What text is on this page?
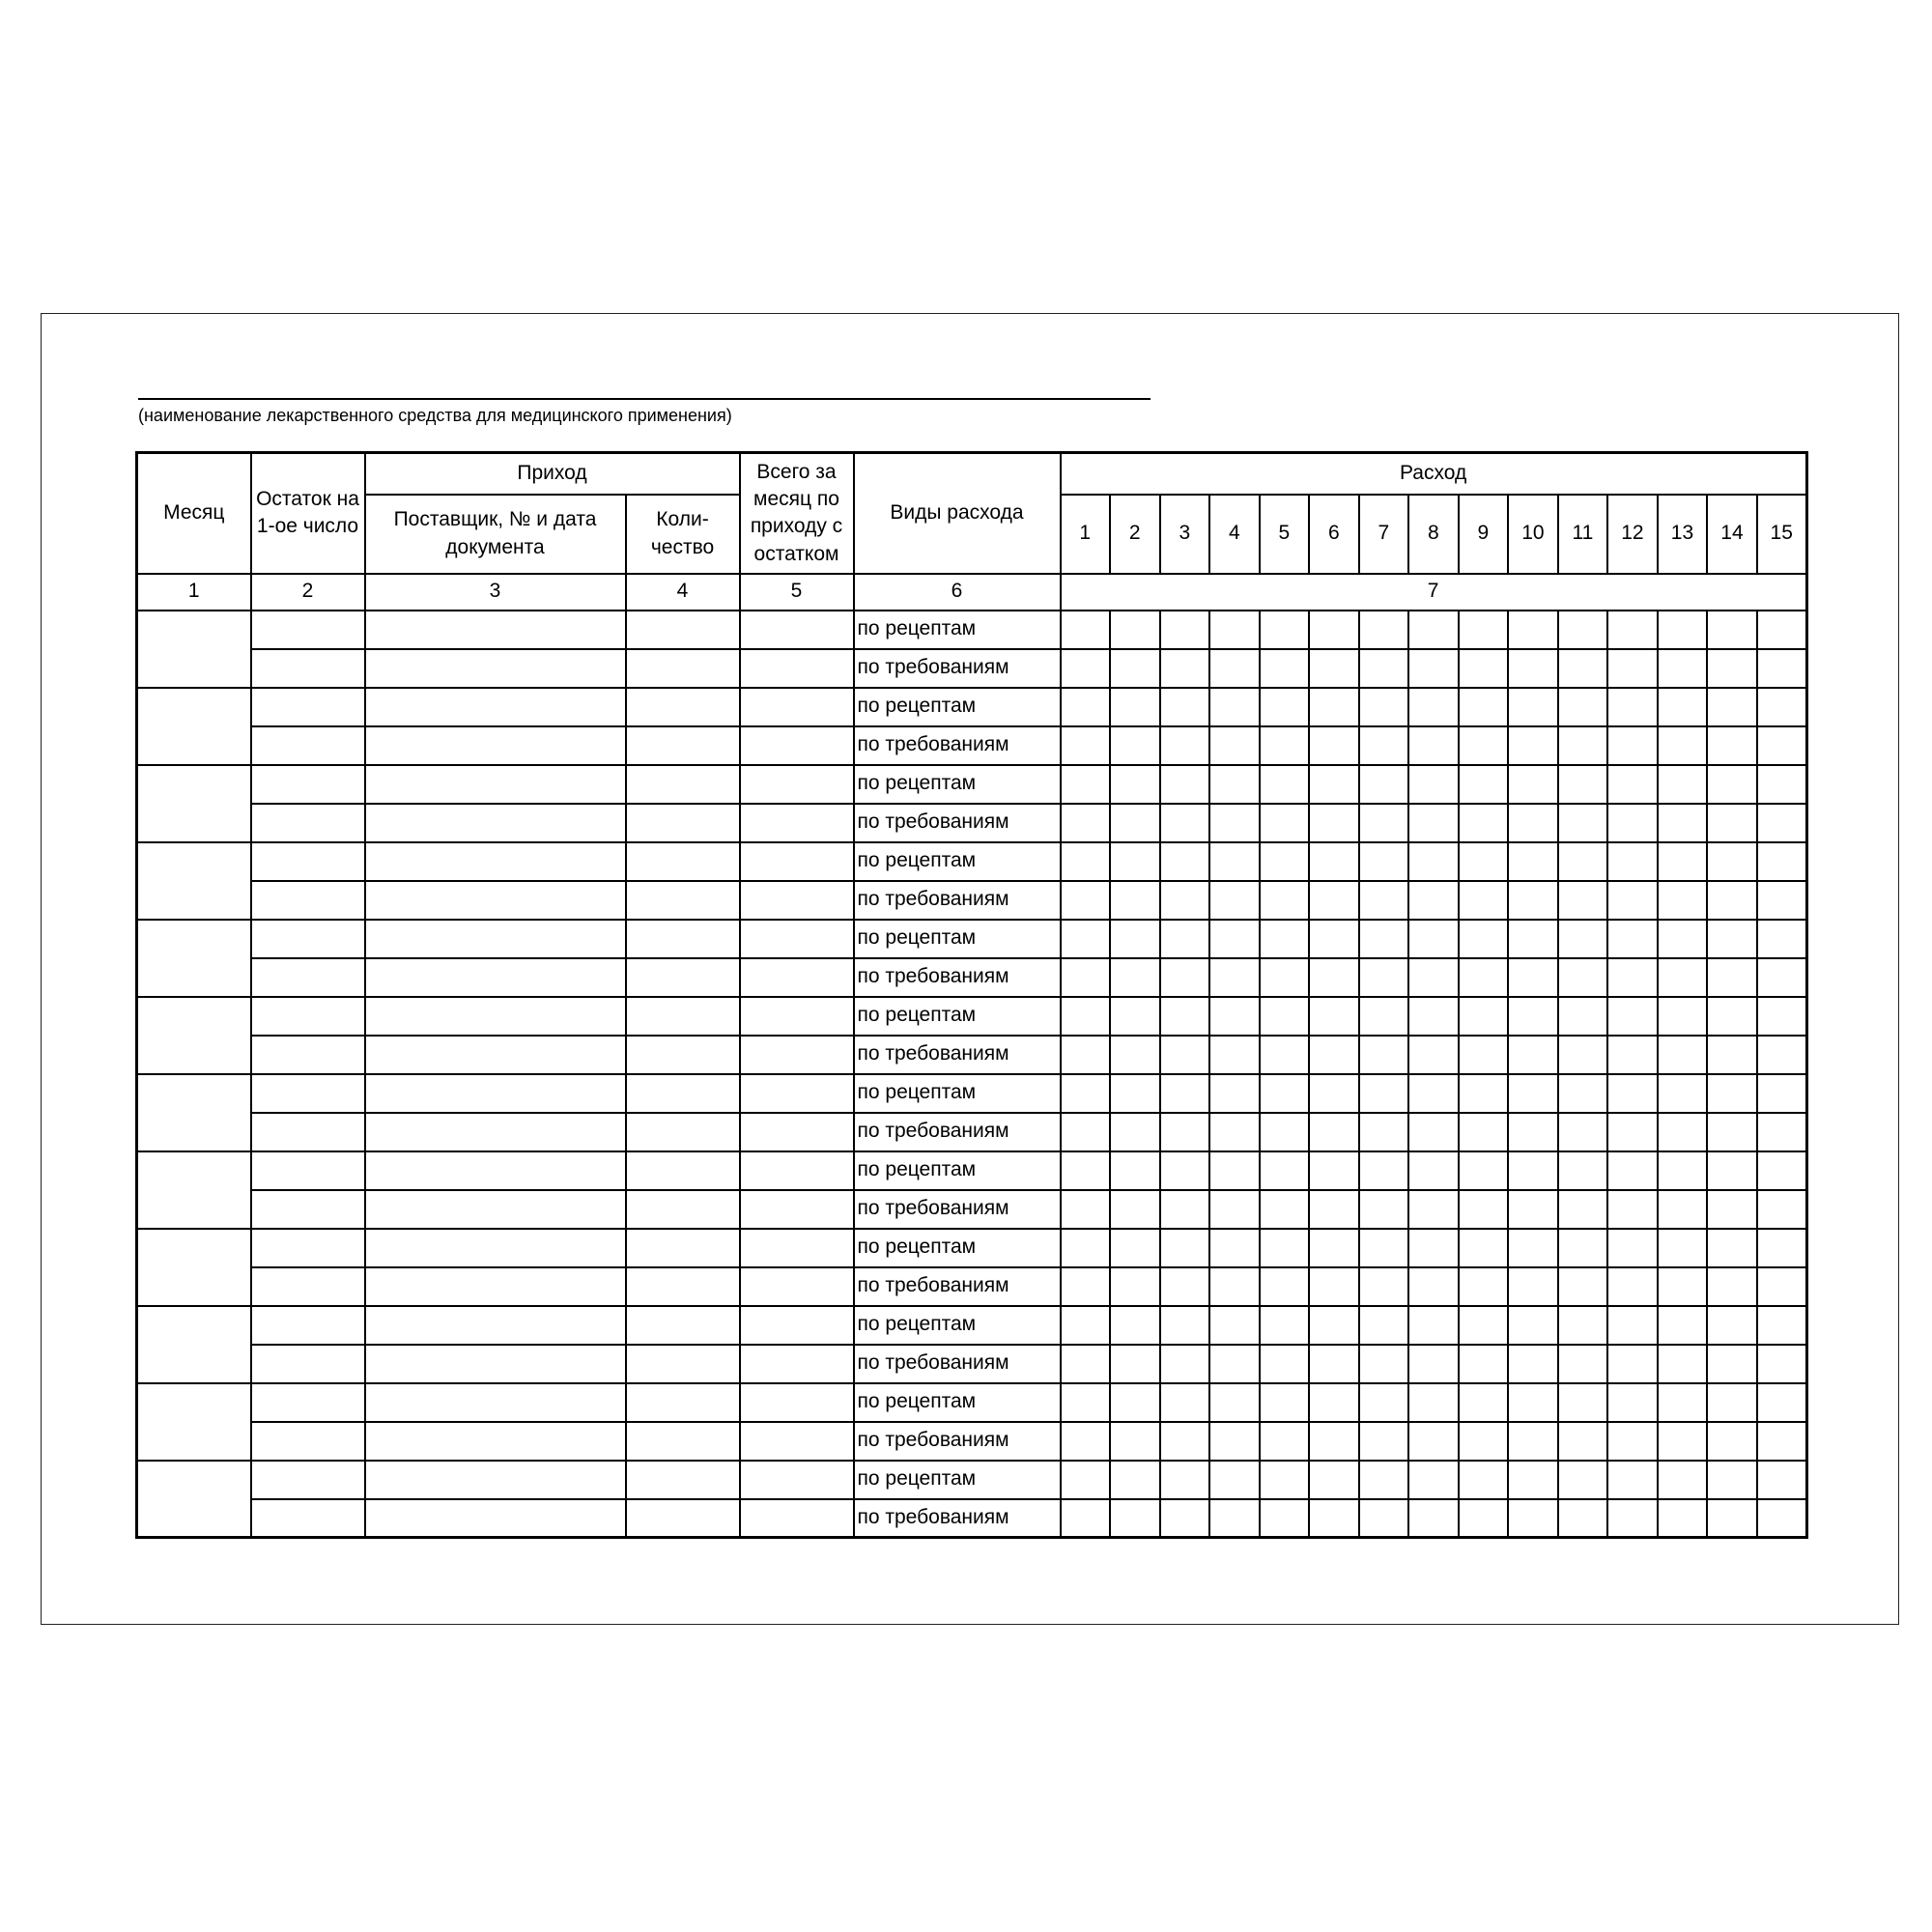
(наименование лекарственного средства для медицинского применения)
Месяц	Остаток на 1-ое число	Приход		Всего за месяц по приходу с остатком	Виды расхода	Расход														
		Поставщик, № и дата документа	Коли-чество			1	2	3	4	5	6	7	8	9	10	11	12	13	14	15
1	2	3	4	5	6	7														
					по рецептам															
					по требованиям															
					по рецептам															
					по требованиям															
					по рецептам															
					по требованиям															
					по рецептам															
					по требованиям															
					по рецептам															
					по требованиям															
					по рецептам															
					по требованиям															
					по рецептам															
					по требованиям															
					по рецептам															
					по требованиям															
					по рецептам															
					по требованиям															
					по рецептам															
					по требованиям															
					по рецептам															
					по требованиям															
					по рецептам															
					по требованиям															
